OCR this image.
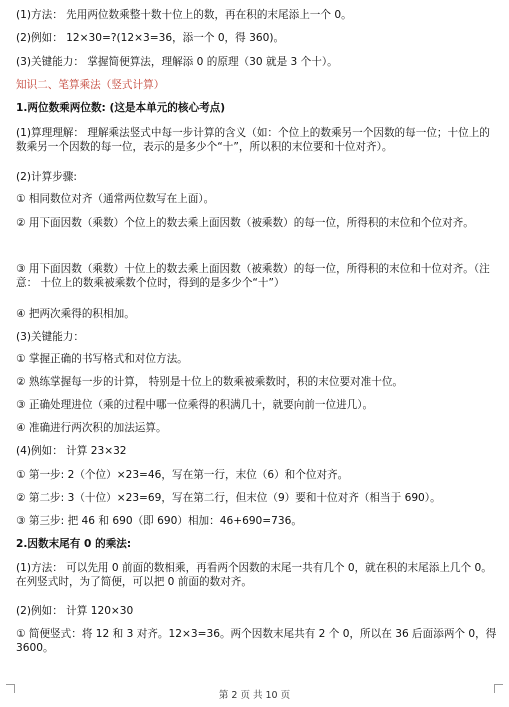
(1)方法： 先用两位数乘整十数十位上的数，再在积的末尾添上一个 0。

(2)例如： 12×30=?(12×3=36，添一个 0，得 360)。

(3)关键能力： 掌握简便算法，理解添 0 的原理（30 就是 3 个十）。

知识二、笔算乘法（竖式计算）

1.两位数乘两位数: (这是本单元的核心考点)

(1)算理理解： 理解乘法竖式中每一步计算的含义（如：个位上的数乘另一个因数的每一位；十位上的数乘另一个因数的每一位，表示的是多少个“十”，所以积的末位要和十位对齐）。

(2)计算步骤:

① 相同数位对齐（通常两位数写在上面）。

② 用下面因数（乘数）个位上的数去乘上面因数（被乘数）的每一位，所得积的末位和个位对齐。

③ 用下面因数（乘数）十位上的数去乘上面因数（被乘数）的每一位，所得积的末位和十位对齐。（注意： 十位上的数乘被乘数个位时，得到的是多少个“十”）

④ 把两次乘得的积相加。

(3)关键能力：

① 掌握正确的书写格式和对位方法。

② 熟练掌握每一步的计算， 特别是十位上的数乘被乘数时，积的末位要对准十位。

③ 正确处理进位（乘的过程中哪一位乘得的积满几十，就要向前一位进几）。

④ 准确进行两次积的加法运算。

(4)例如： 计算 23×32

① 第一步: 2（个位）×23=46，写在第一行，末位（6）和个位对齐。

② 第二步: 3（十位）×23=69，写在第二行，但末位（9）要和十位对齐（相当于 690）。

③ 第三步: 把 46 和 690（即 690）相加：46+690=736。

2.因数末尾有 0 的乘法:

(1)方法： 可以先用 0 前面的数相乘，再看两个因数的末尾一共有几个 0，就在积的末尾添上几个 0。在列竖式时，为了简便，可以把 0 前面的数对齐。

(2)例如： 计算 120×30

① 简便竖式：将 12 和 3 对齐。12×3=36。两个因数末尾共有 2 个 0，所以在 36 后面添两个 0，得 3600。

第 2 页 共 10 页
